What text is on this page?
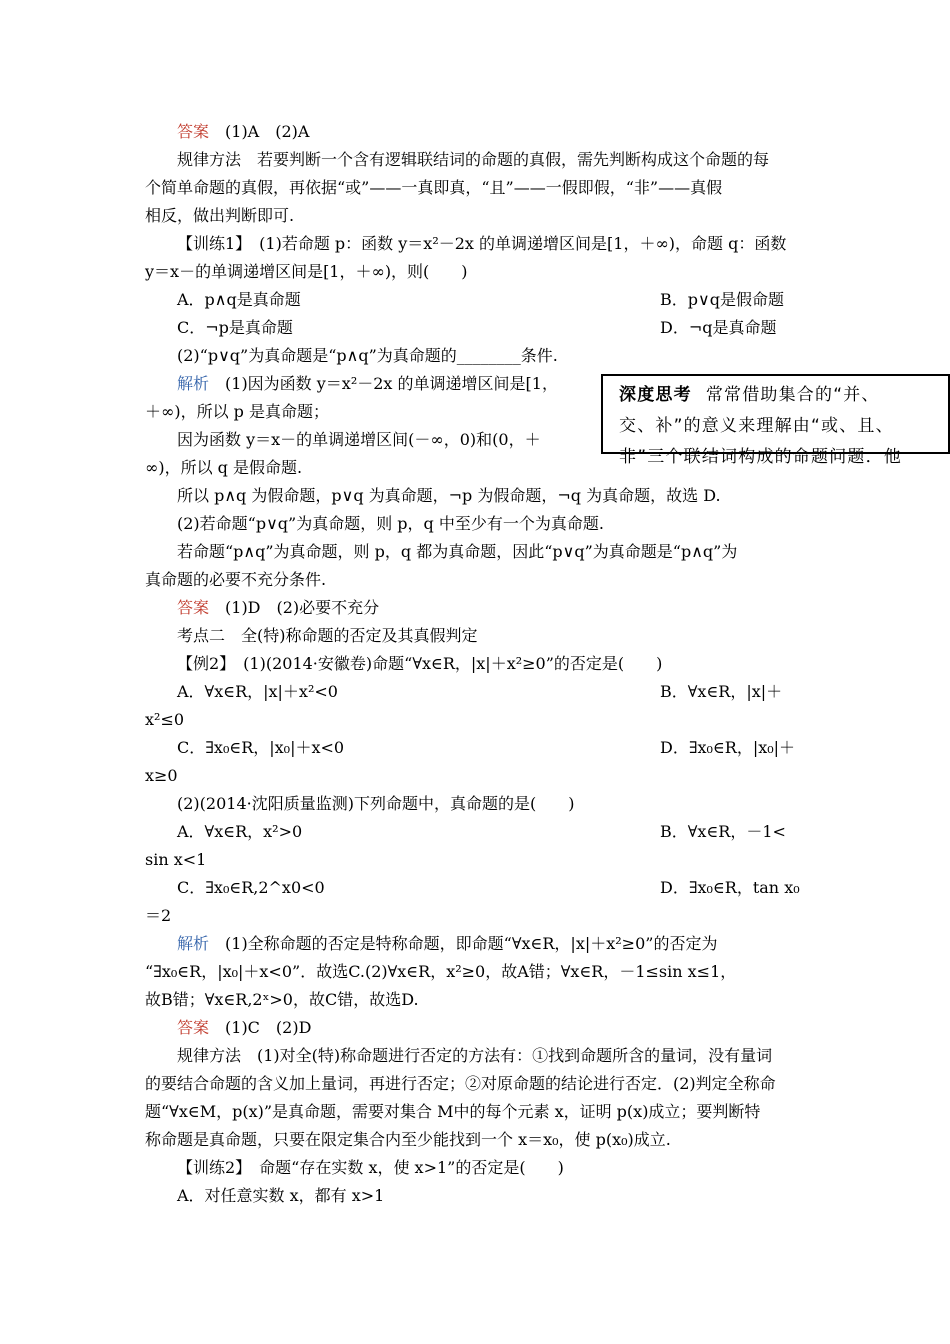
答案　(1)A　(2)A
规律方法　若要判断一个含有逻辑联结词的命题的真假，需先判断构成这个命题的每
个简单命题的真假，再依据“或”——一真即真，“且”——一假即假，“非”——真假
相反，做出判断即可.
【训练1】　(1)若命题 p：函数 y＝x²－2x 的单调递增区间是[1，＋∞)，命题 q：函数
y＝x－的单调递增区间是[1，＋∞)，则(　　)
A．p∧q是真命题	B．p∨q是假命题
C．¬p是真命题	D．¬q是真命题
(2)“p∨q”为真命题是“p∧q”为真命题的________条件.
解析　(1)因为函数 y＝x²－2x 的单调递增区间是[1，
＋∞)，所以 p 是真命题；
因为函数 y＝x－的单调递增区间(－∞，0)和(0，＋
∞)，所以 q 是假命题.
所以 p∧q 为假命题，p∨q 为真命题，¬p 为假命题，¬q 为真命题，故选 D.
(2)若命题“p∨q”为真命题，则 p，q 中至少有一个为真命题.
若命题“p∧q”为真命题，则 p，q 都为真命题，因此“p∨q”为真命题是“p∧q”为
真命题的必要不充分条件.
答案　(1)D　(2)必要不充分
考点二　全(特)称命题的否定及其真假判定
【例2】　(1)(2014·安徽卷)命题“∀x∈R，|x|＋x²≥0”的否定是(　　)
A．∀x∈R，|x|＋x²<0	B．∀x∈R，|x|＋
x²≤0
C．∃x₀∈R，|x₀|＋x<0	D．∃x₀∈R，|x₀|＋
x≥0
(2)(2014·沈阳质量监测)下列命题中，真命题的是(　　)
A．∀x∈R，x²>0	B．∀x∈R，－1<
sin x<1
C．∃x₀∈R,2^x0<0	D．∃x₀∈R，tan x₀
＝2
解析　(1)全称命题的否定是特称命题，即命题“∀x∈R，|x|＋x²≥0”的否定为
“∃x₀∈R，|x₀|＋x<0”．故选C.(2)∀x∈R，x²≥0，故A错；∀x∈R，－1≤sin x≤1，
故B错；∀x∈R,2ˣ>0，故C错，故选D.
答案　(1)C　(2)D
规律方法　(1)对全(特)称命题进行否定的方法有：①找到命题所含的量词，没有量词
的要结合命题的含义加上量词，再进行否定；②对原命题的结论进行否定．(2)判定全称命
题“∀x∈M，p(x)”是真命题，需要对集合 M中的每个元素 x，证明 p(x)成立；要判断特
称命题是真命题，只要在限定集合内至少能找到一个 x＝x₀，使 p(x₀)成立.
【训练2】　命题“存在实数 x，使 x>1”的否定是(　　)
A．对任意实数 x，都有 x>1
深度思考 常常借助集合的“并、
交、补”的意义来理解由“或、且、
非”三个联结词构成的命题问题．他
